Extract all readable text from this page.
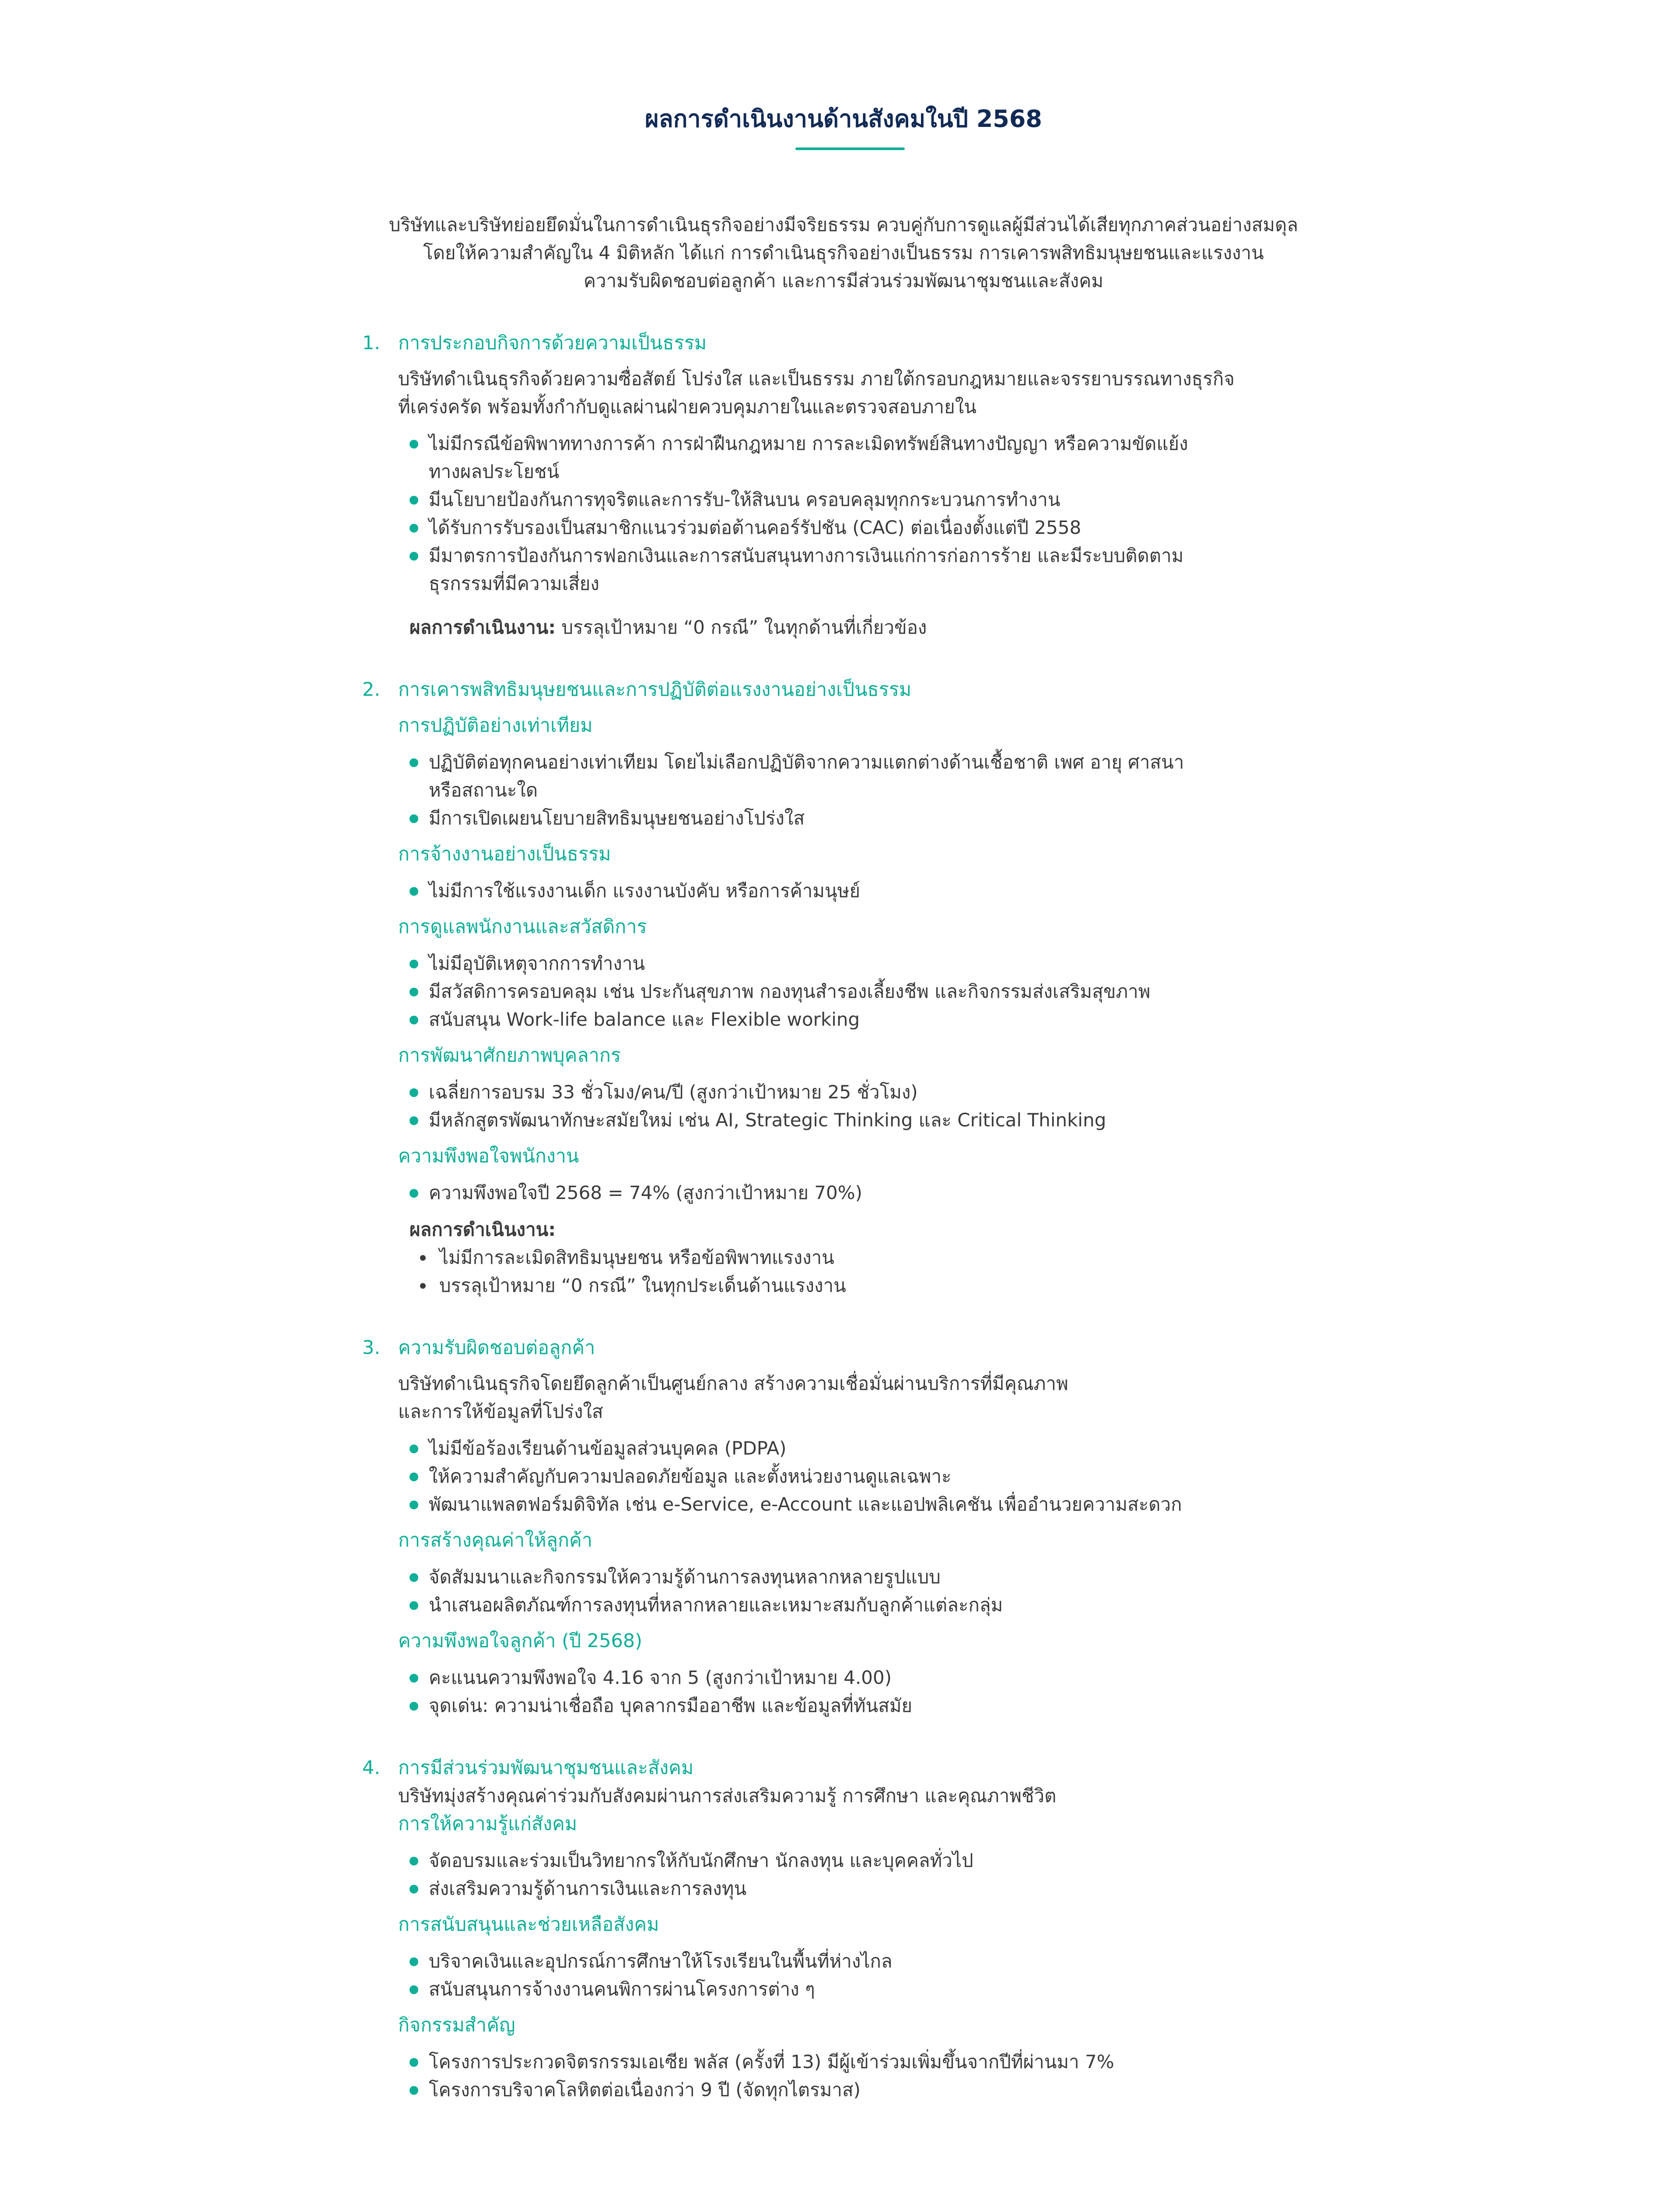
ผลการดำเนินงานด้านสังคมในปี 2568
บริษัทและบริษัทย่อยยึดมั่นในการดำเนินธุรกิจอย่างมีจริยธรรม ควบคู่กับการดูแลผู้มีส่วนได้เสียทุกภาคส่วนอย่างสมดุล
โดยให้ความสำคัญใน 4 มิติหลัก ได้แก่ การดำเนินธุรกิจอย่างเป็นธรรม การเคารพสิทธิมนุษยชนและแรงงาน
ความรับผิดชอบต่อลูกค้า และการมีส่วนร่วมพัฒนาชุมชนและสังคม
1. การประกอบกิจการด้วยความเป็นธรรม
บริษัทดำเนินธุรกิจด้วยความซื่อสัตย์ โปร่งใส และเป็นธรรม ภายใต้กรอบกฎหมายและจรรยาบรรณทางธุรกิจ
ที่เคร่งครัด พร้อมทั้งกำกับดูแลผ่านฝ่ายควบคุมภายในและตรวจสอบภายใน
ไม่มีกรณีข้อพิพาททางการค้า การฝ่าฝืนกฎหมาย การละเมิดทรัพย์สินทางปัญญา หรือความขัดแย้ง
ทางผลประโยชน์
มีนโยบายป้องกันการทุจริตและการรับ-ให้สินบน ครอบคลุมทุกกระบวนการทำงาน
ได้รับการรับรองเป็นสมาชิกแนวร่วมต่อต้านคอร์รัปชัน (CAC) ต่อเนื่องตั้งแต่ปี 2558
มีมาตรการป้องกันการฟอกเงินและการสนับสนุนทางการเงินแก่การก่อการร้าย และมีระบบติดตาม
ธุรกรรมที่มีความเสี่ยง
ผลการดำเนินงาน: บรรลุเป้าหมาย “0 กรณี” ในทุกด้านที่เกี่ยวข้อง
2. การเคารพสิทธิมนุษยชนและการปฏิบัติต่อแรงงานอย่างเป็นธรรม
การปฏิบัติอย่างเท่าเทียม
ปฏิบัติต่อทุกคนอย่างเท่าเทียม โดยไม่เลือกปฏิบัติจากความแตกต่างด้านเชื้อชาติ เพศ อายุ ศาสนา
หรือสถานะใด
มีการเปิดเผยนโยบายสิทธิมนุษยชนอย่างโปร่งใส
การจ้างงานอย่างเป็นธรรม
ไม่มีการใช้แรงงานเด็ก แรงงานบังคับ หรือการค้ามนุษย์
การดูแลพนักงานและสวัสดิการ
ไม่มีอุบัติเหตุจากการทำงาน
มีสวัสดิการครอบคลุม เช่น ประกันสุขภาพ กองทุนสำรองเลี้ยงชีพ และกิจกรรมส่งเสริมสุขภาพ
สนับสนุน Work-life balance และ Flexible working
การพัฒนาศักยภาพบุคลากร
เฉลี่ยการอบรม 33 ชั่วโมง/คน/ปี (สูงกว่าเป้าหมาย 25 ชั่วโมง)
มีหลักสูตรพัฒนาทักษะสมัยใหม่ เช่น AI, Strategic Thinking และ Critical Thinking
ความพึงพอใจพนักงาน
ความพึงพอใจปี 2568 = 74% (สูงกว่าเป้าหมาย 70%)
ผลการดำเนินงาน:
ไม่มีการละเมิดสิทธิมนุษยชน หรือข้อพิพาทแรงงาน
บรรลุเป้าหมาย “0 กรณี” ในทุกประเด็นด้านแรงงาน
3. ความรับผิดชอบต่อลูกค้า
บริษัทดำเนินธุรกิจโดยยึดลูกค้าเป็นศูนย์กลาง สร้างความเชื่อมั่นผ่านบริการที่มีคุณภาพ
และการให้ข้อมูลที่โปร่งใส
ไม่มีข้อร้องเรียนด้านข้อมูลส่วนบุคคล (PDPA)
ให้ความสำคัญกับความปลอดภัยข้อมูล และตั้งหน่วยงานดูแลเฉพาะ
พัฒนาแพลตฟอร์มดิจิทัล เช่น e-Service, e-Account และแอปพลิเคชัน เพื่ออำนวยความสะดวก
การสร้างคุณค่าให้ลูกค้า
จัดสัมมนาและกิจกรรมให้ความรู้ด้านการลงทุนหลากหลายรูปแบบ
นำเสนอผลิตภัณฑ์การลงทุนที่หลากหลายและเหมาะสมกับลูกค้าแต่ละกลุ่ม
ความพึงพอใจลูกค้า (ปี 2568)
คะแนนความพึงพอใจ 4.16 จาก 5 (สูงกว่าเป้าหมาย 4.00)
จุดเด่น: ความน่าเชื่อถือ บุคลากรมืออาชีพ และข้อมูลที่ทันสมัย
4. การมีส่วนร่วมพัฒนาชุมชนและสังคม
บริษัทมุ่งสร้างคุณค่าร่วมกับสังคมผ่านการส่งเสริมความรู้ การศึกษา และคุณภาพชีวิต
การให้ความรู้แก่สังคม
จัดอบรมและร่วมเป็นวิทยากรให้กับนักศึกษา นักลงทุน และบุคคลทั่วไป
ส่งเสริมความรู้ด้านการเงินและการลงทุน
การสนับสนุนและช่วยเหลือสังคม
บริจาคเงินและอุปกรณ์การศึกษาให้โรงเรียนในพื้นที่ห่างไกล
สนับสนุนการจ้างงานคนพิการผ่านโครงการต่าง ๆ
กิจกรรมสำคัญ
โครงการประกวดจิตรกรรมเอเซีย พลัส (ครั้งที่ 13) มีผู้เข้าร่วมเพิ่มขึ้นจากปีที่ผ่านมา 7%
โครงการบริจาคโลหิตต่อเนื่องกว่า 9 ปี (จัดทุกไตรมาส)
